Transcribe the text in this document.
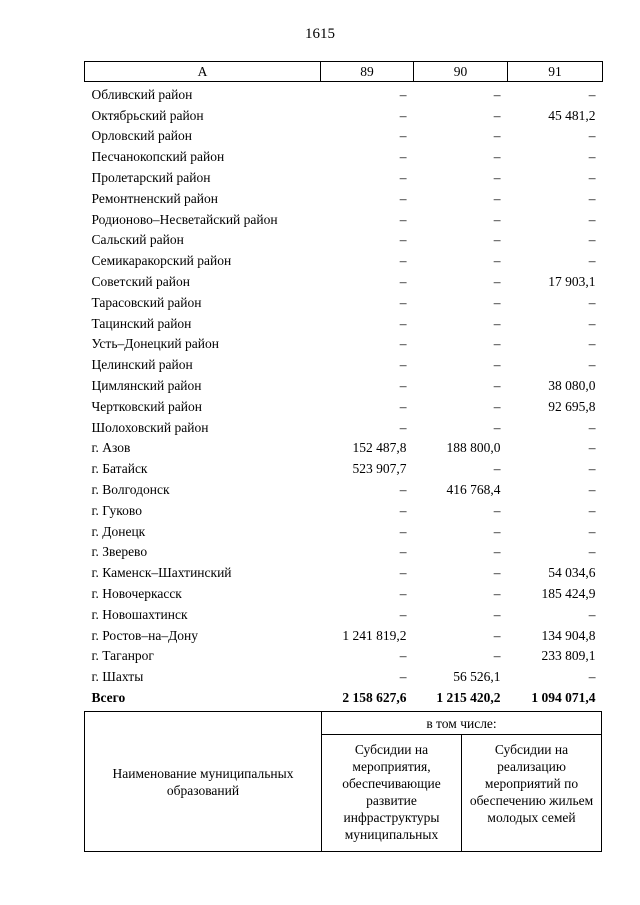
1615
А	89	90	91
Обливский район	–	–	–
Октябрьский район	–	–	45 481,2
Орловский район	–	–	–
Песчанокопский район	–	–	–
Пролетарский район	–	–	–
Ремонтненский район	–	–	–
Родионово–Несветайский район	–	–	–
Сальский район	–	–	–
Семикаракорский район	–	–	–
Советский район	–	–	17 903,1
Тарасовский район	–	–	–
Тацинский район	–	–	–
Усть–Донецкий район	–	–	–
Целинский район	–	–	–
Цимлянский район	–	–	38 080,0
Чертковский район	–	–	92 695,8
Шолоховский район	–	–	–
г. Азов	152 487,8	188 800,0	–
г. Батайск	523 907,7	–	–
г. Волгодонск	–	416 768,4	–
г. Гуково	–	–	–
г. Донецк	–	–	–
г. Зверево	–	–	–
г. Каменск–Шахтинский	–	–	54 034,6
г. Новочеркасск	–	–	185 424,9
г. Новошахтинск	–	–	–
г. Ростов–на–Дону	1 241 819,2	–	134 904,8
г. Таганрог	–	–	233 809,1
г. Шахты	–	56 526,1	–
Всего	2 158 627,6	1 215 420,2	1 094 071,4
Наименование муниципальных образований	в том числе:	
	Субсидии на мероприятия, обеспечивающие развитие инфраструктуры муниципальных	Субсидии на реализацию мероприятий по обеспечению жильем молодых семей
